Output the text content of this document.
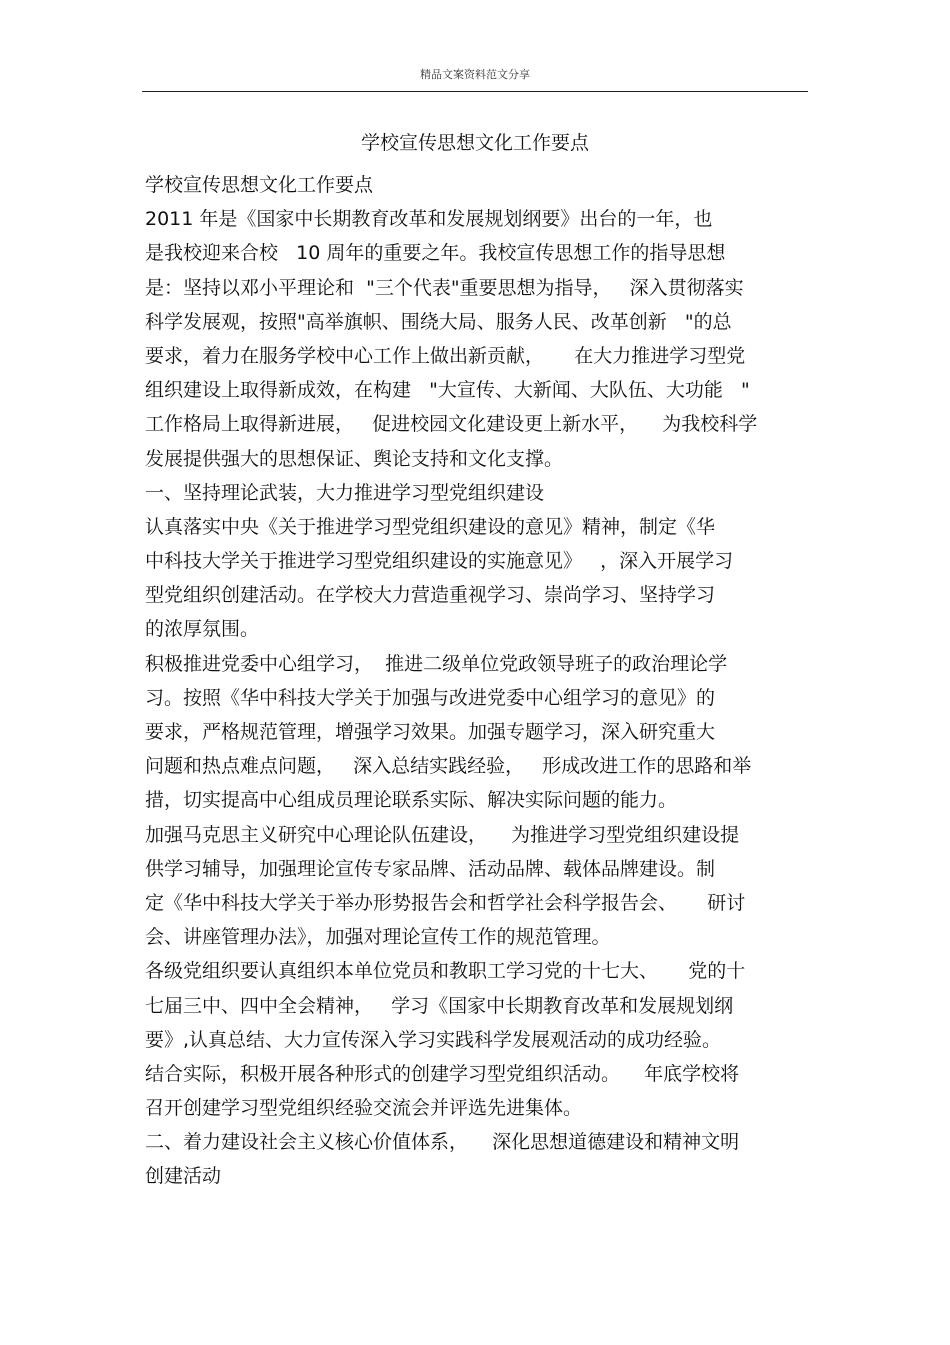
精品文案资料范文分享
学校宣传思想文化工作要点
学校宣传思想文化工作要点
2011 年是《国家中长期教育改革和发展规划纲要》出台的一年，也
是我校迎来合校   10 周年的重要之年。我校宣传思想工作的指导思想
是：坚持以邓小平理论和  "三个代表"重要思想为指导，   深入贯彻落实
科学发展观，按照"高举旗帜、围绕大局、服务人民、改革创新   "的总
要求，着力在服务学校中心工作上做出新贡献，     在大力推进学习型党
组织建设上取得新成效，在构建   "大宣传、大新闻、大队伍、大功能   "
工作格局上取得新进展，   促进校园文化建设更上新水平，    为我校科学
发展提供强大的思想保证、舆论支持和文化支撑。
一、坚持理论武装，大力推进学习型党组织建设
认真落实中央《关于推进学习型党组织建设的意见》精神，制定《华
中科技大学关于推进学习型党组织建设的实施意见》   ，深入开展学习
型党组织创建活动。在学校大力营造重视学习、崇尚学习、坚持学习
的浓厚氛围。
积极推进党委中心组学习，  推进二级单位党政领导班子的政治理论学
习。按照《华中科技大学关于加强与改进党委中心组学习的意见》的
要求，严格规范管理，增强学习效果。加强专题学习，深入研究重大
问题和热点难点问题，   深入总结实践经验，   形成改进工作的思路和举
措，切实提高中心组成员理论联系实际、解决实际问题的能力。
加强马克思主义研究中心理论队伍建设，    为推进学习型党组织建设提
供学习辅导，加强理论宣传专家品牌、活动品牌、载体品牌建设。制
定《华中科技大学关于举办形势报告会和哲学社会科学报告会、     研讨
会、讲座管理办法》，加强对理论宣传工作的规范管理。
各级党组织要认真组织本单位党员和教职工学习党的十七大、     党的十
七届三中、四中全会精神，   学习《国家中长期教育改革和发展规划纲
要》,认真总结、大力宣传深入学习实践科学发展观活动的成功经验。
结合实际，积极开展各种形式的创建学习型党组织活动。    年底学校将
召开创建学习型党组织经验交流会并评选先进集体。
二、着力建设社会主义核心价值体系，    深化思想道德建设和精神文明
创建活动
